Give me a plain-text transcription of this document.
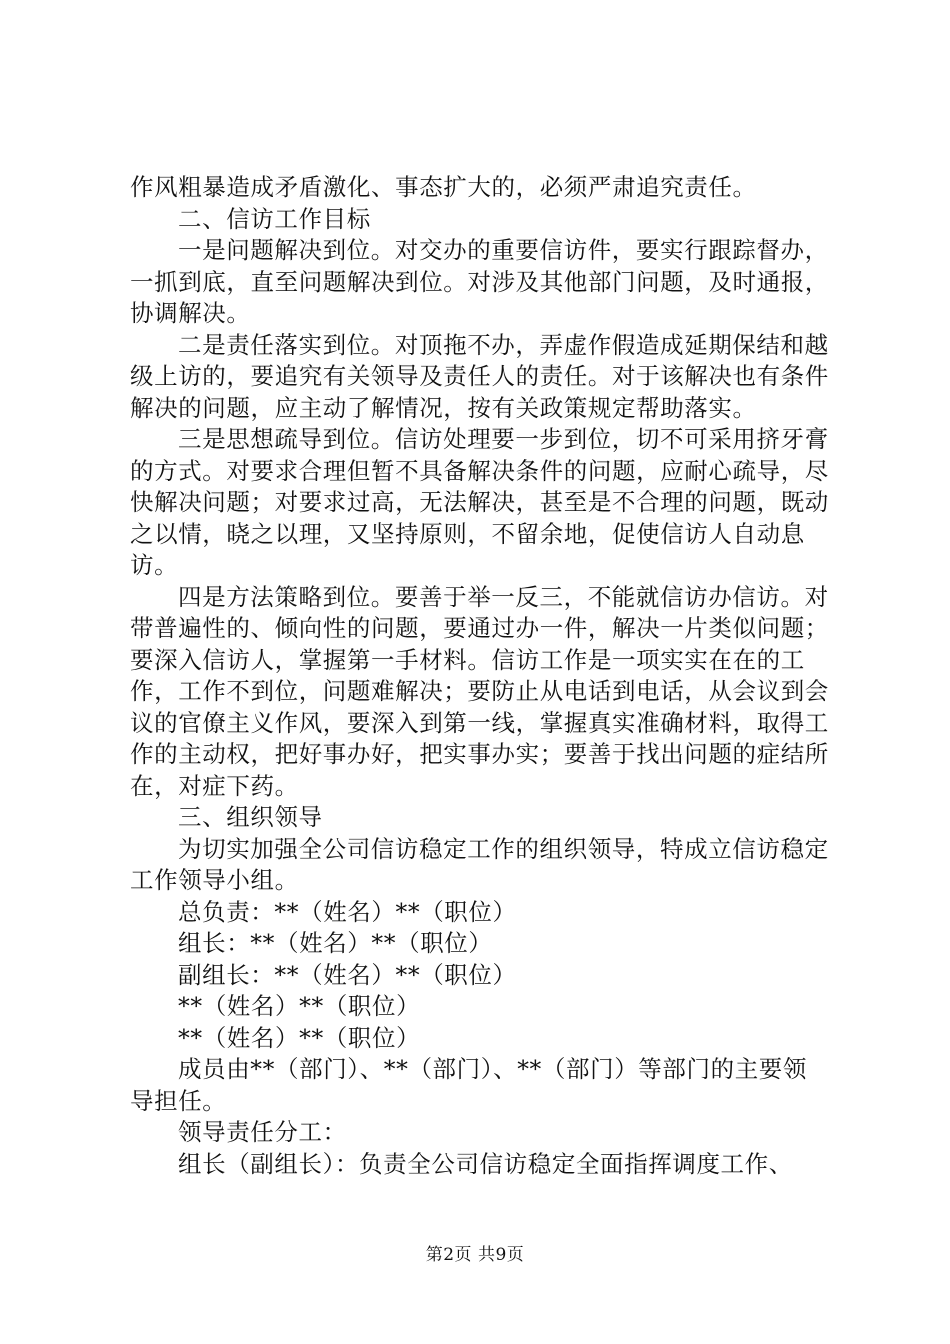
作风粗暴造成矛盾激化、事态扩大的，必须严肃追究责任。

二、信访工作目标

一是问题解决到位。对交办的重要信访件，要实行跟踪督办，一抓到底，直至问题解决到位。对涉及其他部门问题，及时通报，协调解决。

二是责任落实到位。对顶拖不办，弄虚作假造成延期保结和越级上访的，要追究有关领导及责任人的责任。对于该解决也有条件解决的问题，应主动了解情况，按有关政策规定帮助落实。

三是思想疏导到位。信访处理要一步到位，切不可采用挤牙膏的方式。对要求合理但暂不具备解决条件的问题，应耐心疏导，尽快解决问题；对要求过高，无法解决，甚至是不合理的问题，既动之以情，晓之以理，又坚持原则，不留余地，促使信访人自动息访。

四是方法策略到位。要善于举一反三，不能就信访办信访。对带普遍性的、倾向性的问题，要通过办一件，解决一片类似问题；要深入信访人，掌握第一手材料。信访工作是一项实实在在的工作，工作不到位，问题难解决；要防止从电话到电话，从会议到会议的官僚主义作风，要深入到第一线，掌握真实准确材料，取得工作的主动权，把好事办好，把实事办实；要善于找出问题的症结所在，对症下药。

三、组织领导

为切实加强全公司信访稳定工作的组织领导，特成立信访稳定工作领导小组。

总负责：**（姓名）**（职位）

组长：**（姓名）**（职位）

副组长：**（姓名）**（职位）

**（姓名）**（职位）

**（姓名）**（职位）

成员由**（部门）、**（部门）、**（部门）等部门的主要领导担任。

领导责任分工：

组长（副组长）：负责全公司信访稳定全面指挥调度工作、

第2页 共9页
